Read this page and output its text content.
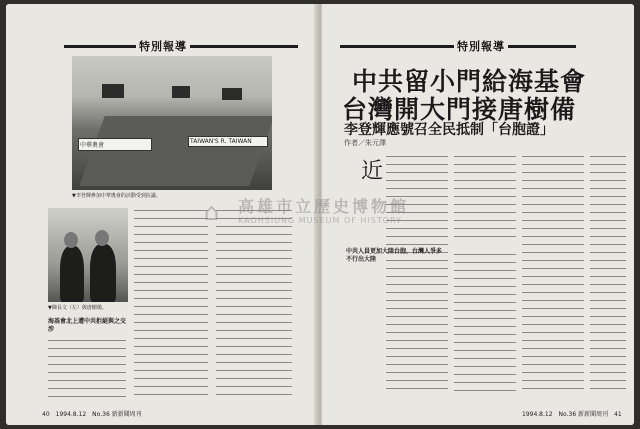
特別報導
中華奧會
TAIWAN'S R. TAIWAN
▼李登輝參加中華奧會的活動受到抗議。
▼陳長文（左）與唐樹備。
海基會北上遭中共拒絕與之交涉
40　1994.8.12　No.36 新新聞周刊
特別報導
中共留小門給海基會
台灣開大門接唐樹備
李登輝應號召全民抵制「台胞證」
作者／朱元澤
近
中共人員更加大陸台胞，台灣人爭多不行出大陸
1994.8.12　No.36 新新聞周刊　41
⌂ 高雄市立歷史博物館
KAOHSIUNG MUSEUM OF HISTORY
